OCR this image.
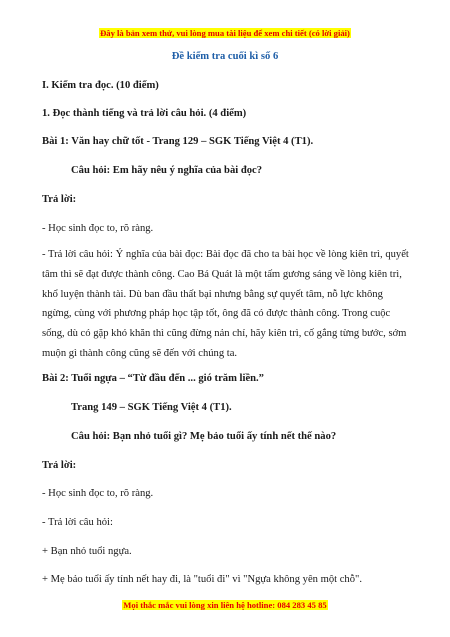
Đây là bản xem thử, vui lòng mua tài liệu để xem chi tiết (có lời giải)
Đề kiểm tra cuối kì số 6
I. Kiểm tra đọc. (10 điểm)
1. Đọc thành tiếng và trả lời câu hỏi. (4 điểm)
Bài 1: Văn hay chữ tốt - Trang 129 – SGK Tiếng Việt 4 (T1).
Câu hỏi: Em hãy nêu ý nghĩa của bài đọc?
Trả lời:
- Học sinh đọc to, rõ ràng.
- Trả lời câu hỏi: Ý nghĩa của bài đọc: Bài đọc đã cho ta bài học về lòng kiên trì, quyết tâm thì sẽ đạt được thành công. Cao Bá Quát là một tấm gương sáng về lòng kiên trì, khổ luyện thành tài. Dù ban đầu thất bại nhưng bằng sự quyết tâm, nỗ lực không ngừng, cùng với phương pháp học tập tốt, ông đã có được thành công. Trong cuộc sống, dù có gặp khó khăn thì cũng đừng nản chí, hãy kiên trì, cố gắng từng bước, sớm muộn gì thành công cũng sẽ đến với chúng ta.
Bài 2: Tuổi ngựa – “Từ đầu đến ... gió trăm liền.”
Trang 149 – SGK Tiếng Việt 4 (T1).
Câu hỏi: Bạn nhỏ tuổi gì? Mẹ bảo tuổi ấy tính nết thế nào?
Trả lời:
- Học sinh đọc to, rõ ràng.
- Trả lời câu hỏi:
+ Bạn nhỏ tuổi ngựa.
+ Mẹ bảo tuổi ấy tính nết hay đi, là "tuổi đi" vì "Ngựa không yên một chỗ".
Mọi thắc mắc vui lòng xin liên hệ hotline: 084 283 45 85
